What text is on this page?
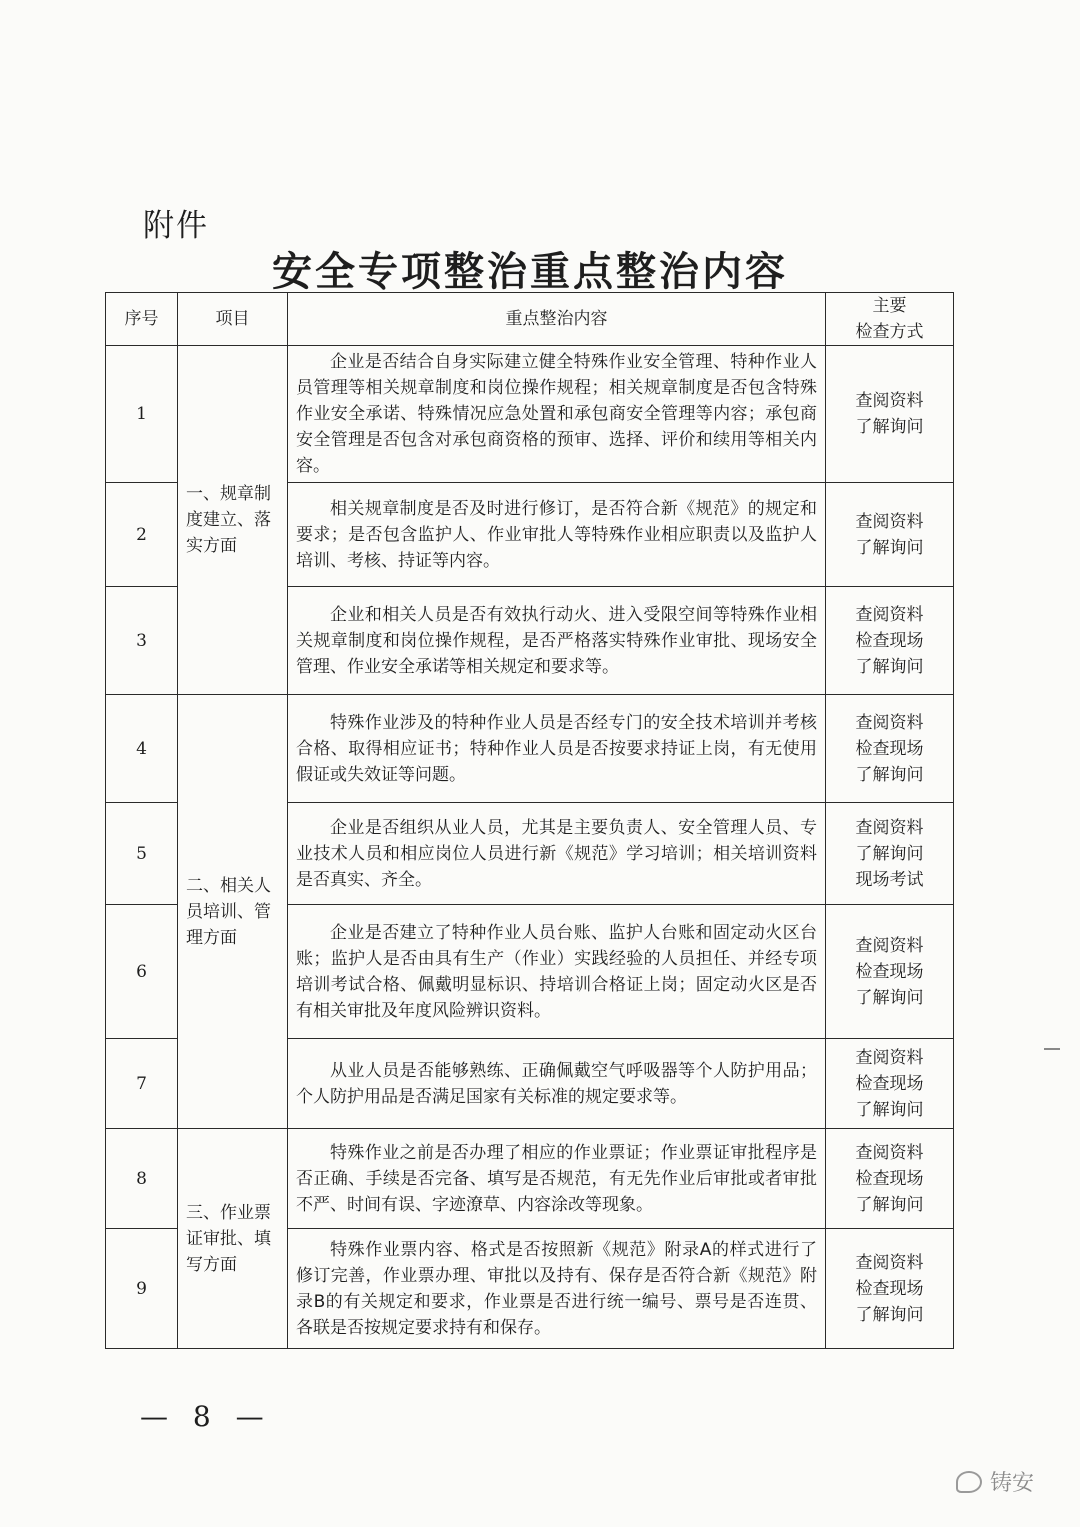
附件
安全专项整治重点整治内容
序号	项目	重点整治内容	主要
检查方式

1	一、规章制度建立、落实方面	企业是否结合自身实际建立健全特殊作业安全管理、特种作业人员管理等相关规章制度和岗位操作规程；相关规章制度是否包含特殊作业安全承诺、特殊情况应急处置和承包商安全管理等内容；承包商安全管理是否包含对承包商资格的预审、选择、评价和续用等相关内容。	查阅资料
了解询问

2		相关规章制度是否及时进行修订，是否符合新《规范》的规定和要求；是否包含监护人、作业审批人等特殊作业相应职责以及监护人培训、考核、持证等内容。	查阅资料
了解询问

3		企业和相关人员是否有效执行动火、进入受限空间等特殊作业相关规章制度和岗位操作规程，是否严格落实特殊作业审批、现场安全管理、作业安全承诺等相关规定和要求等。	查阅资料
检查现场
了解询问

4	二、相关人员培训、管理方面	特殊作业涉及的特种作业人员是否经专门的安全技术培训并考核合格、取得相应证书；特种作业人员是否按要求持证上岗，有无使用假证或失效证等问题。	查阅资料
检查现场
了解询问

5		企业是否组织从业人员，尤其是主要负责人、安全管理人员、专业技术人员和相应岗位人员进行新《规范》学习培训；相关培训资料是否真实、齐全。	查阅资料
了解询问
现场考试

6		企业是否建立了特种作业人员台账、监护人台账和固定动火区台账；监护人是否由具有生产（作业）实践经验的人员担任、并经专项培训考试合格、佩戴明显标识、持培训合格证上岗；固定动火区是否有相关审批及年度风险辨识资料。	查阅资料
检查现场
了解询问

7		从业人员是否能够熟练、正确佩戴空气呼吸器等个人防护用品；个人防护用品是否满足国家有关标准的规定要求等。	查阅资料
检查现场
了解询问

8	三、作业票证审批、填写方面	特殊作业之前是否办理了相应的作业票证；作业票证审批程序是否正确、手续是否完备、填写是否规范，有无先作业后审批或者审批不严、时间有误、字迹潦草、内容涂改等现象。	查阅资料
检查现场
了解询问

9		特殊作业票内容、格式是否按照新《规范》附录A的样式进行了修订完善，作业票办理、审批以及持有、保存是否符合新《规范》附录B的有关规定和要求，作业票是否进行统一编号、票号是否连贯、各联是否按规定要求持有和保存。	查阅资料
检查现场
了解询问
— 8 —
铸安
